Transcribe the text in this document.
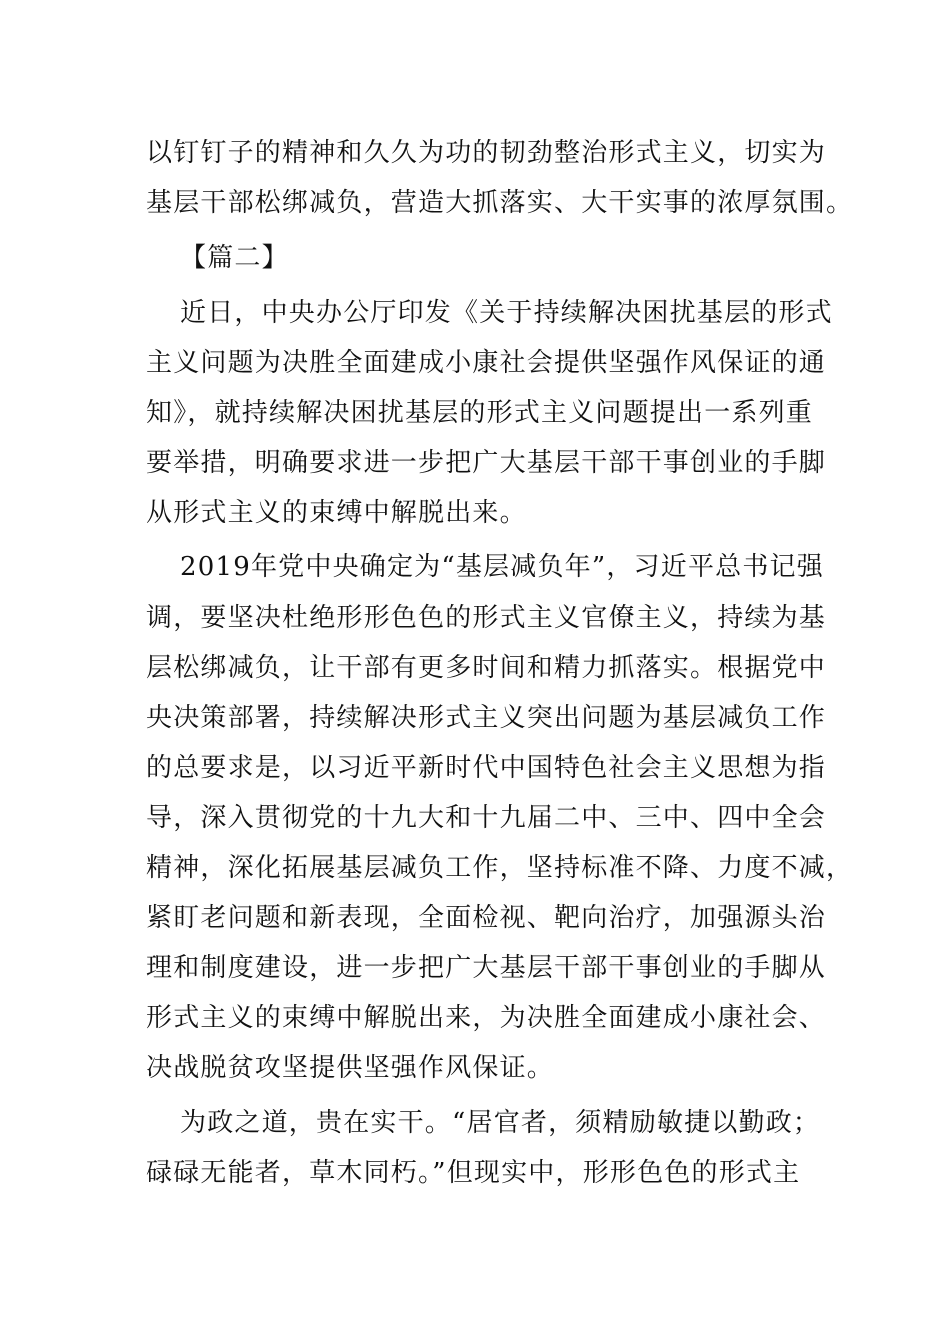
以钉钉子的精神和久久为功的韧劲整治形式主义，切实为
基层干部松绑减负，营造大抓落实、大干实事的浓厚氛围。
【篇二】
近日，中央办公厅印发《关于持续解决困扰基层的形式
主义问题为决胜全面建成小康社会提供坚强作风保证的通
知》，就持续解决困扰基层的形式主义问题提出一系列重
要举措，明确要求进一步把广大基层干部干事创业的手脚
从形式主义的束缚中解脱出来。
2019年党中央确定为“基层减负年”，习近平总书记强
调，要坚决杜绝形形色色的形式主义官僚主义，持续为基
层松绑减负，让干部有更多时间和精力抓落实。根据党中
央决策部署，持续解决形式主义突出问题为基层减负工作
的总要求是，以习近平新时代中国特色社会主义思想为指
导，深入贯彻党的十九大和十九届二中、三中、四中全会
精神，深化拓展基层减负工作，坚持标准不降、力度不减，
紧盯老问题和新表现，全面检视、靶向治疗，加强源头治
理和制度建设，进一步把广大基层干部干事创业的手脚从
形式主义的束缚中解脱出来，为决胜全面建成小康社会、
决战脱贫攻坚提供坚强作风保证。
为政之道，贵在实干。“居官者，须精励敏捷以勤政；
碌碌无能者，草木同朽。”但现实中，形形色色的形式主
